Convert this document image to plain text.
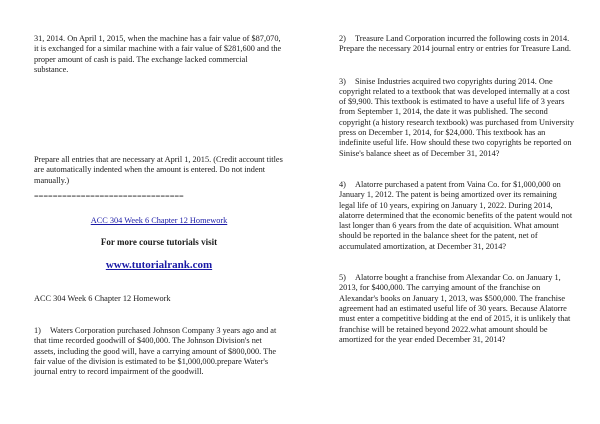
31, 2014. On April 1, 2015, when the machine has a fair value of $87,070, it is exchanged for a similar machine with a fair value of $281,600 and the proper amount of cash is paid. The exchange lacked commercial substance.

Prepare all entries that are necessary at April 1, 2015. (Credit account titles are automatically indented when the amount is entered. Do not indent manually.)

================================

ACC 304 Week 6 Chapter 12 Homework

For more course tutorials visit

www.tutorialrank.com

ACC 304 Week 6 Chapter 12 Homework

1) Waters Corporation purchased Johnson Company 3 years ago and at that time recorded goodwill of $400,000. The Johnson Division's net assets, including the good will, have a carrying amount of $800,000. The fair value of the division is estimated to be $1,000,000.prepare Water's journal entry to record impairment of the goodwill.

2) Treasure Land Corporation incurred the following costs in 2014. Prepare the necessary 2014 journal entry or entries for Treasure Land.

3) Sinise Industries acquired two copyrights during 2014. One copyright related to a textbook that was developed internally at a cost of $9,900. This textbook is estimated to have a useful life of 3 years from September 1, 2014, the date it was published. The second copyright (a history research textbook) was purchased from University press on December 1, 2014, for $24,000. This textbook has an indefinite useful life. How should these two copyrights be reported on Sinise's balance sheet as of December 31, 2014?

4) Alatorre purchased a patent from Vaina Co. for $1,000,000 on January 1, 2012. The patent is being amortized over its remaining legal life of 10 years, expiring on January 1, 2022. During 2014, alatorre determined that the economic benefits of the patent would not last longer than 6 years from the date of acquisition. What amount should be reported in the balance sheet for the patent, net of accumulated amortization, at December 31, 2014?

5) Alatorre bought a franchise from Alexandar Co. on January 1, 2013, for $400,000. The carrying amount of the franchise on Alexandar's books on January 1, 2013, was $500,000. The franchise agreement had an estimated useful life of 30 years. Because Alatorre must enter a competitive bidding at the end of 2015, it is unlikely that franchise will be retained beyond 2022.what amount should be amortized for the year ended December 31, 2014?
